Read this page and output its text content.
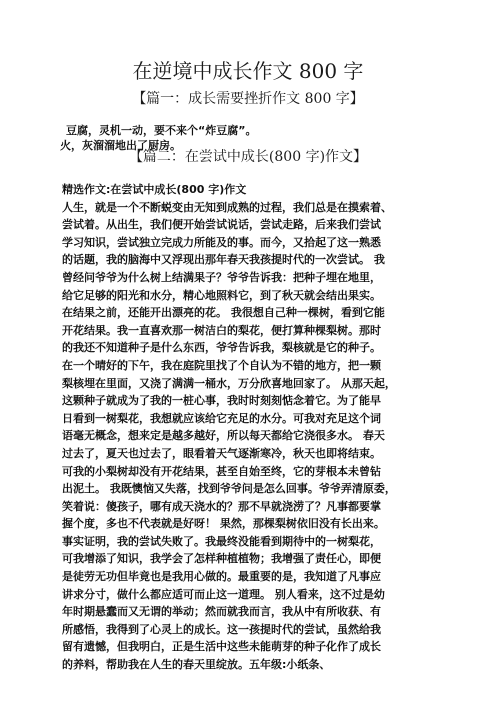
在逆境中成长作文 800 字
【篇一：成长需要挫折作文 800 字】
豆腐，灵机一动，要不来个“炸豆腐”。
火，灰溜溜地出了厨房。
【篇二：在尝试中成长(800 字)作文】
精选作文:在尝试中成长(800 字)作文
人生，就是一个不断蜕变由无知到成熟的过程，我们总是在摸索着、
尝试着。从出生，我们便开始尝试说话，尝试走路，后来我们尝试
学习知识，尝试独立完成力所能及的事。而今，又拾起了这一熟悉
的话题，我的脑海中又浮现出那年春天我孩提时代的一次尝试。 我
曾经问爷爷为什么树上结满果子？爷爷告诉我：把种子埋在地里，
给它足够的阳光和水分，精心地照料它，到了秋天就会结出果实。
在结果之前，还能开出漂亮的花。 我很想自己种一棵树，看到它能
开花结果。我一直喜欢那一树洁白的梨花，便打算种棵梨树。那时
的我还不知道种子是什么东西，爷爷告诉我，梨核就是它的种子。
在一个晴好的下午，我在庭院里找了个自认为不错的地方，把一颗
梨核埋在里面，又浇了满满一桶水，万分欣喜地回家了。 从那天起，
这颗种子就成为了我的一桩心事，我时时刻刻惦念着它。为了能早
日看到一树梨花，我想就应该给它充足的水分。可我对充足这个词
语毫无概念，想来定是越多越好，所以每天都给它浇很多水。 春天
过去了，夏天也过去了，眼看着天气逐渐寒冷，秋天也即将结束。
可我的小梨树却没有开花结果，甚至自始至终，它的芽根本未曾钻
出泥土。 我既懊恼又失落，找到爷爷问是怎么回事。爷爷弄清原委，
笑着说：傻孩子，哪有成天浇水的？那不早就浇涝了？凡事都要掌
握个度，多也不代表就是好呀！ 果然，那棵梨树依旧没有长出来。
事实证明，我的尝试失败了。我最终没能看到期待中的一树梨花，
可我增添了知识，我学会了怎样种植植物；我增强了责任心，即便
是徒劳无功但毕竟也是我用心做的。最重要的是，我知道了凡事应
讲求分寸，做什么都应适可而止这一道理。 别人看来，这不过是幼
年时期悬蠢而又无谓的举动；然而就我而言，我从中有所收获、有
所感悟，我得到了心灵上的成长。这一孩提时代的尝试，虽然给我
留有遗憾，但我明白，正是生活中这些未能萌芽的种子化作了成长
的养料，帮助我在人生的春天里绽放。五年级:小纸条、
